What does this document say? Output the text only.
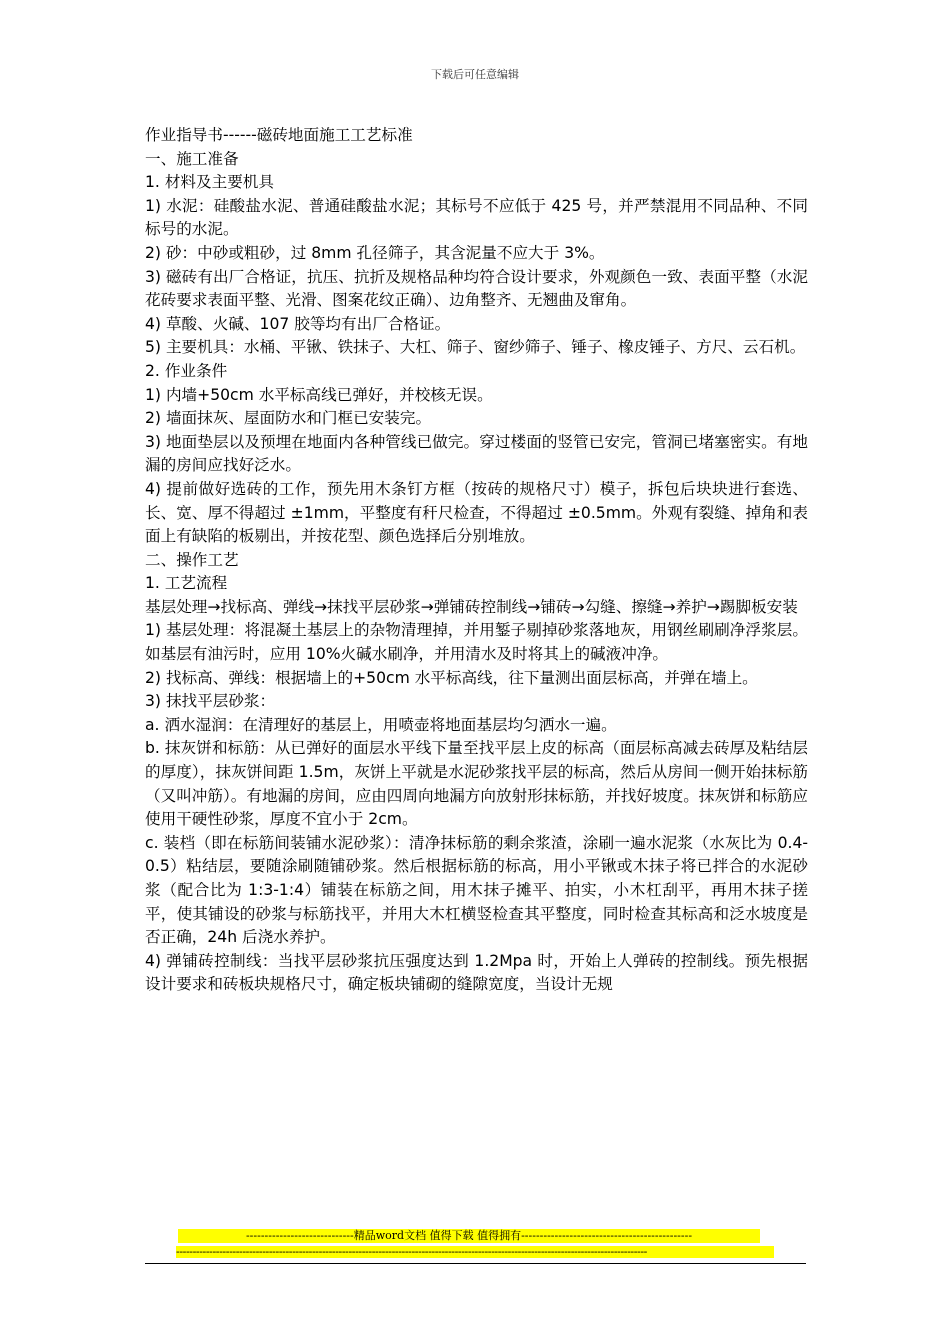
下载后可任意编辑

作业指导书------磁砖地面施工工艺标准

一、施工准备

1. 材料及主要机具

1) 水泥：硅酸盐水泥、普通硅酸盐水泥；其标号不应低于 425 号，并严禁混用不同品种、不同标号的水泥。

2) 砂：中砂或粗砂，过 8mm 孔径筛子，其含泥量不应大于 3%。

3) 磁砖有出厂合格证，抗压、抗折及规格品种均符合设计要求，外观颜色一致、表面平整（水泥花砖要求表面平整、光滑、图案花纹正确）、边角整齐、无翘曲及窜角。

4) 草酸、火碱、107 胶等均有出厂合格证。

5) 主要机具：水桶、平锹、铁抹子、大杠、筛子、窗纱筛子、锤子、橡皮锤子、方尺、云石机。

2. 作业条件

1) 内墙+50cm 水平标高线已弹好，并校核无误。

2) 墙面抹灰、屋面防水和门框已安装完。

3) 地面垫层以及预埋在地面内各种管线已做完。穿过楼面的竖管已安完，管洞已堵塞密实。有地漏的房间应找好泛水。

4) 提前做好选砖的工作，预先用木条钉方框（按砖的规格尺寸）模子，拆包后块块进行套选、长、宽、厚不得超过 ±1mm，平整度有秆尺检查，不得超过 ±0.5mm。外观有裂缝、掉角和表面上有缺陷的板剔出，并按花型、颜色选择后分别堆放。

二、操作工艺

1. 工艺流程

基层处理→找标高、弹线→抹找平层砂浆→弹铺砖控制线→铺砖→勾缝、擦缝→养护→踢脚板安装

1) 基层处理：将混凝土基层上的杂物清理掉，并用錾子剔掉砂浆落地灰，用钢丝刷刷净浮浆层。如基层有油污时，应用 10%火碱水刷净，并用清水及时将其上的碱液冲净。

2) 找标高、弹线：根据墙上的+50cm 水平标高线，往下量测出面层标高，并弹在墙上。

3) 抹找平层砂浆：

a. 洒水湿润：在清理好的基层上，用喷壶将地面基层均匀洒水一遍。

b. 抹灰饼和标筋：从已弹好的面层水平线下量至找平层上皮的标高（面层标高减去砖厚及粘结层的厚度），抹灰饼间距 1.5m，灰饼上平就是水泥砂浆找平层的标高，然后从房间一侧开始抹标筋（又叫冲筋）。有地漏的房间，应由四周向地漏方向放射形抹标筋，并找好坡度。抹灰饼和标筋应使用干硬性砂浆，厚度不宜小于 2cm。

c. 装档（即在标筋间装铺水泥砂浆）：清净抹标筋的剩余浆渣，涂刷一遍水泥浆（水灰比为 0.4-0.5）粘结层，要随涂刷随铺砂浆。然后根据标筋的标高，用小平锹或木抹子将已拌合的水泥砂浆（配合比为 1:3-1:4）铺装在标筋之间，用木抹子摊平、拍实，小木杠刮平，再用木抹子搓平，使其铺设的砂浆与标筋找平，并用大木杠横竖检查其平整度，同时检查其标高和泛水坡度是否正确，24h 后浇水养护。

4) 弹铺砖控制线：当找平层砂浆抗压强度达到 1.2Mpa 时，开始上人弹砖的控制线。预先根据设计要求和砖板块规格尺寸，确定板块铺砌的缝隙宽度，当设计无规

-----------------------------精品word文档 值得下载 值得拥有----------------------------------------------
----------------------------------------------------------------------------------------------------------------------------------------------
